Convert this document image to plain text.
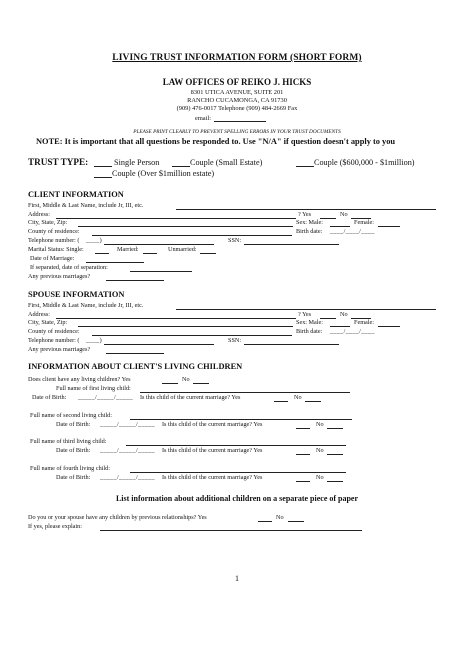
LIVING TRUST INFORMATION FORM (SHORT FORM)
LAW OFFICES OF REIKO J. HICKS
8301 UTICA AVENUE, SUITE 201
RANCHO CUCAMONGA, CA 91730
(909) 476-0017 Telephone (909) 484-2669 Fax
email:
PLEASE PRINT CLEARLY TO PREVENT SPELLING ERRORS IN YOUR TRUST DOCUMENTS
NOTE: It is important that all questions be responded to. Use "N/A" if question doesn't apply to you
TRUST TYPE:	Single Person	Couple (Small Estate)	Couple ($600,000 - $1million)
Couple (Over $1million estate)
CLIENT INFORMATION
First, Middle & Last Name, include Jr, III, etc.
Address:	? Yes	No
City, State, Zip:	Sex: Male:	Female:
County of residence:	Birth date: ____/____/____
Telephone number: ( ____)	SSN:
Marital Status: Single:	Married:	Unmarried:
Date of Marriage:
If separated, date of separation:
Any previous marriages?
SPOUSE INFORMATION
First, Middle & Last Name, include Jr, III, etc.
Address:	? Yes	No
City, State, Zip:	Sex: Male:	Female:
County of residence:	Birth date: ____/____/____
Telephone number: ( ____)	SSN:
Any previous marriages?
INFORMATION ABOUT CLIENT'S LIVING CHILDREN
Does client have any living children? Yes	No
Full name of first living child:
Date of Birth: _____/_____/_____ Is this child of the current marriage? Yes	No
Full name of second living child:
Date of Birth: _____/_____/_____ Is this child of the current marriage? Yes	No
Full name of third living child:
Date of Birth: _____/_____/_____ Is this child of the current marriage? Yes	No
Full name of fourth living child:
Date of Birth: _____/_____/_____ Is this child of the current marriage? Yes	No
List information about additional children on a separate piece of paper
Do you or your spouse have any children by previous relationships? Yes	No
If yes, please explain:
1
